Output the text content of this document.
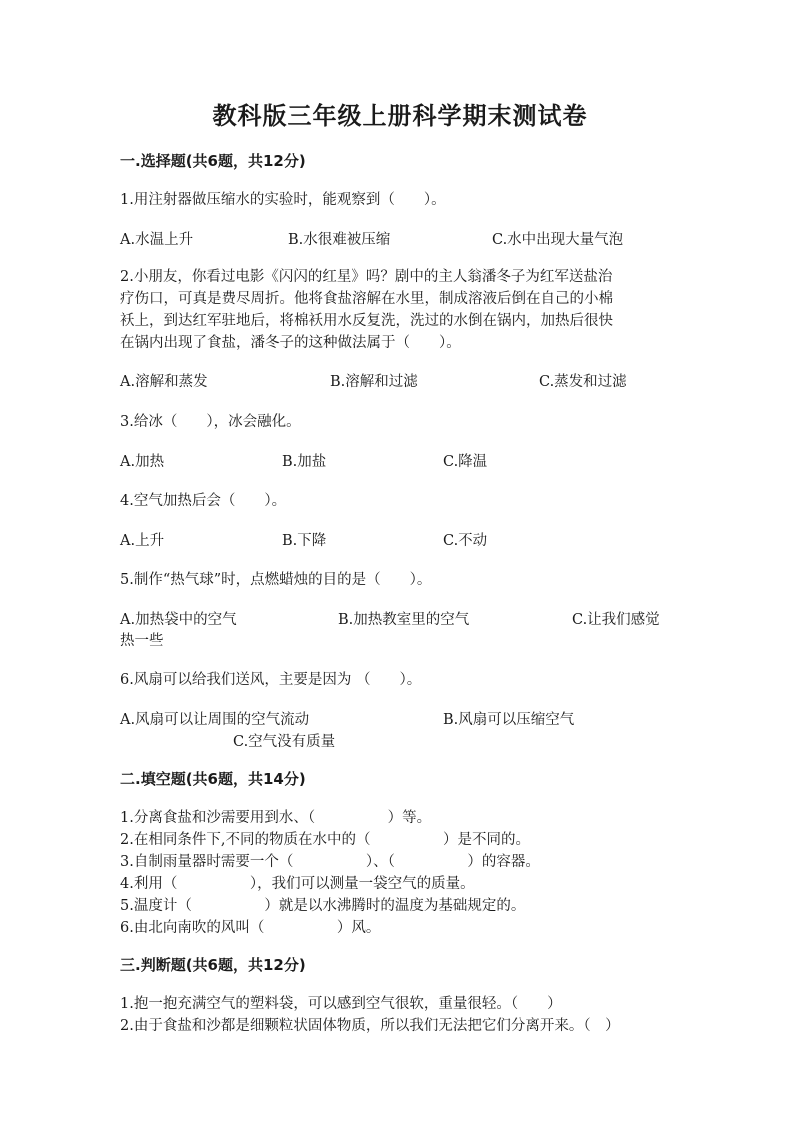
教科版三年级上册科学期末测试卷
一.选择题(共6题，共12分)
1.用注射器做压缩水的实验时，能观察到（　　）。
A.水温上升	B.水很难被压缩	C.水中出现大量气泡
2.小朋友，你看过电影《闪闪的红星》吗？剧中的主人翁潘冬子为红军送盐治
疗伤口，可真是费尽周折。他将食盐溶解在水里，制成溶液后倒在自己的小棉
袄上，到达红军驻地后，将棉袄用水反复洗，洗过的水倒在锅内，加热后很快
在锅内出现了食盐，潘冬子的这种做法属于（　　）。
A.溶解和蒸发	B.溶解和过滤	C.蒸发和过滤
3.给冰（　　），冰会融化。
A.加热	B.加盐	C.降温
4.空气加热后会（　　）。
A.上升	B.下降	C.不动
5.制作“热气球”时，点燃蜡烛的目的是（　　）。
A.加热袋中的空气	B.加热教室里的空气	C.让我们感觉
热一些
6.风扇可以给我们送风，主要是因为 （　　）。
A.风扇可以让周围的空气流动	B.风扇可以压缩空气
C.空气没有质量
二.填空题(共6题，共14分)
1.分离食盐和沙需要用到水、（　　　　　）等。
2.在相同条件下,不同的物质在水中的（　　　　　）是不同的。
3.自制雨量器时需要一个（　　　　　）、（　　　　　）的容器。
4.利用（　　　　　），我们可以测量一袋空气的质量。
5.温度计（　　　　　）就是以水沸腾时的温度为基础规定的。
6.由北向南吹的风叫（　　　　　）风。
三.判断题(共6题，共12分)
1.抱一抱充满空气的塑料袋，可以感到空气很软，重量很轻。（　　）
2.由于食盐和沙都是细颗粒状固体物质，所以我们无法把它们分离开来。（　）
